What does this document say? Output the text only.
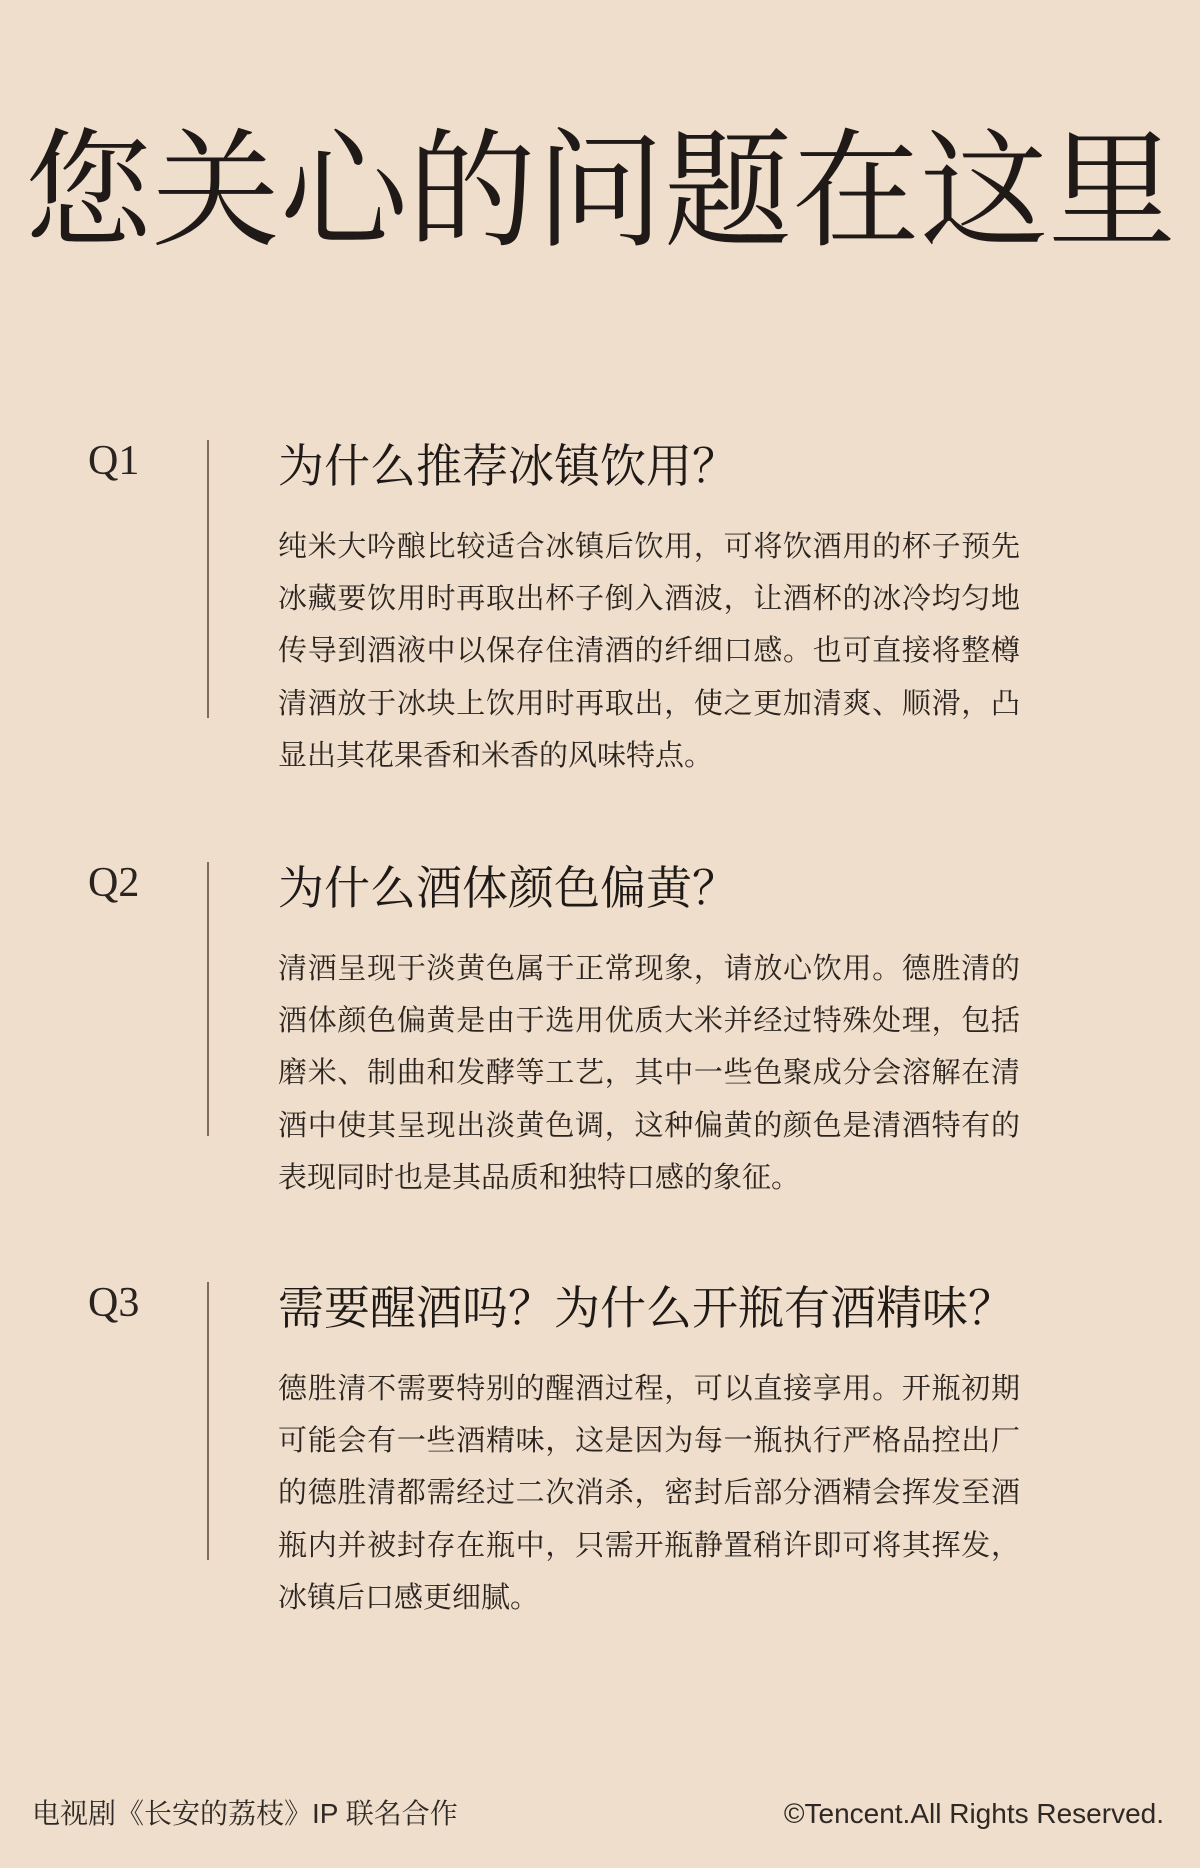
您关心的问题在这里
Q1	为什么推荐冰镇饮用？

纯米大吟酿比较适合冰镇后饮用，可将饮酒用的杯子预先冰藏要饮用时再取出杯子倒入酒波，让酒杯的冰冷均匀地传导到酒液中以保存住清酒的纤细口感。也可直接将整樽清酒放于冰块上饮用时再取出，使之更加清爽、顺滑，凸显出其花果香和米香的风味特点。

Q2	为什么酒体颜色偏黄？

清酒呈现于淡黄色属于正常现象，请放心饮用。德胜清的酒体颜色偏黄是由于选用优质大米并经过特殊处理，包括磨米、制曲和发酵等工艺，其中一些色聚成分会溶解在清酒中使其呈现出淡黄色调，这种偏黄的颜色是清酒特有的表现同时也是其品质和独特口感的象征。

Q3	需要醒酒吗？为什么开瓶有酒精味？

德胜清不需要特别的醒酒过程，可以直接享用。开瓶初期可能会有一些酒精味，这是因为每一瓶执行严格品控出厂的德胜清都需经过二次消杀，密封后部分酒精会挥发至酒瓶内并被封存在瓶中，只需开瓶静置稍许即可将其挥发，冰镇后口感更细腻。

电视剧《长安的荔枝》IP 联名合作	©Tencent.All Rights Reserved.
